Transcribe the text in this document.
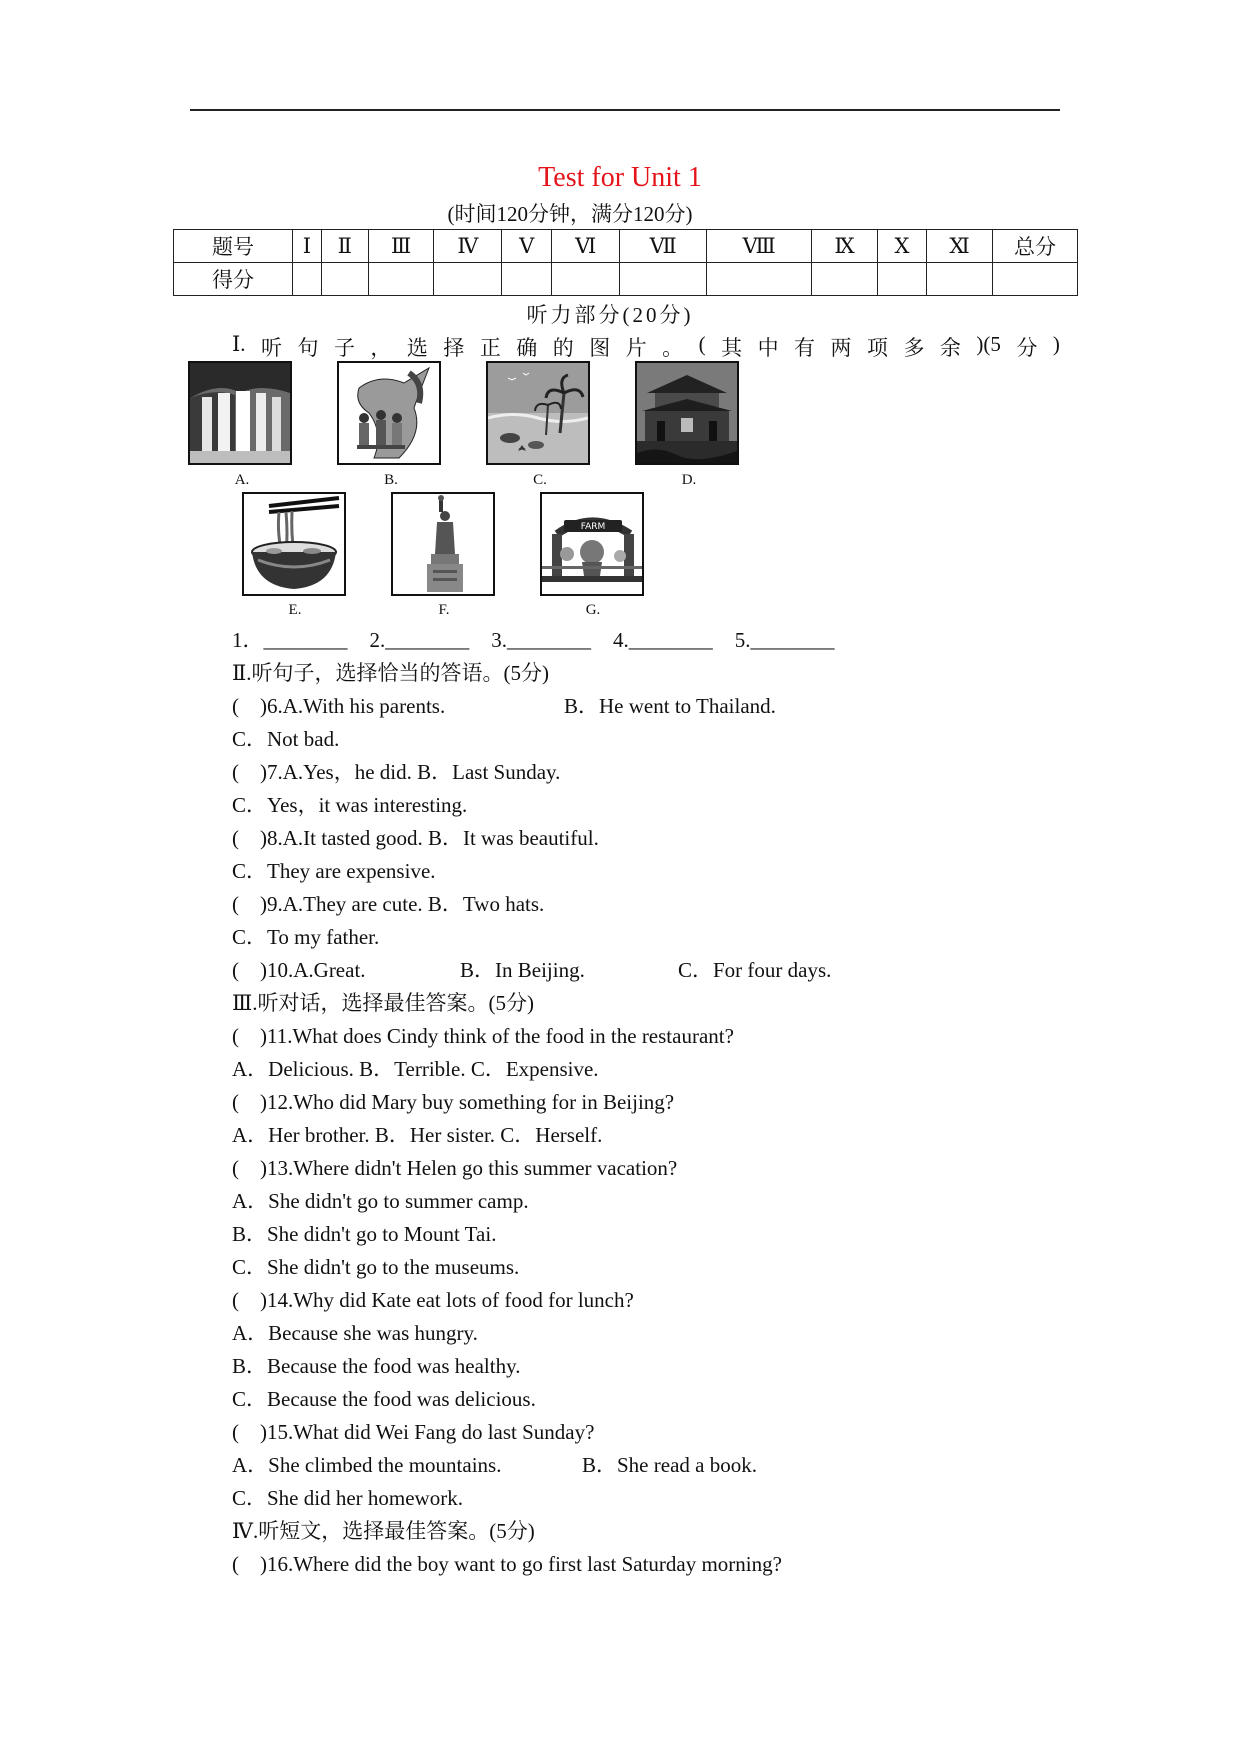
Test for Unit 1
(时间120分钟，满分120分)
题号	Ⅰ	Ⅱ	Ⅲ	Ⅳ	Ⅴ	Ⅵ	Ⅶ	Ⅷ	Ⅸ	Ⅹ	Ⅺ	总分
得分												
听力部分(20分)
Ⅰ. 听 句 子 ， 选 择 正 确 的 图 片 。 ( 其 中 有 两 项 多 余 )(5 分 )
A.	B.	C.	D.
FARM
E.	F.	G.
1．________ 2.________ 3.________ 4.________ 5.________
Ⅱ.听句子，选择恰当的答语。(5分)
(　)6.A.With his parents.	B．He went to Thailand.
C．Not bad.
(　)7.A.Yes，he did. B．Last Sunday.
C．Yes，it was interesting.
(　)8.A.It tasted good. B．It was beautiful.
C．They are expensive.
(　)9.A.They are cute. B．Two hats.
C．To my father.
(　)10.A.Great.	B．In Beijing.	C．For four days.
Ⅲ.听对话，选择最佳答案。(5分)
(　)11.What does Cindy think of the food in the restaurant?
A．Delicious. B．Terrible. C．Expensive.
(　)12.Who did Mary buy something for in Beijing?
A．Her brother. B．Her sister. C．Herself.
(　)13.Where didn't Helen go this summer vacation?
A．She didn't go to summer camp.
B．She didn't go to Mount Tai.
C．She didn't go to the museums.
(　)14.Why did Kate eat lots of food for lunch?
A．Because she was hungry.
B．Because the food was healthy.
C．Because the food was delicious.
(　)15.What did Wei Fang do last Sunday?
A．She climbed the mountains.	B．She read a book.
C．She did her homework.
Ⅳ.听短文，选择最佳答案。(5分)
(　)16.Where did the boy want to go first last Saturday morning?
